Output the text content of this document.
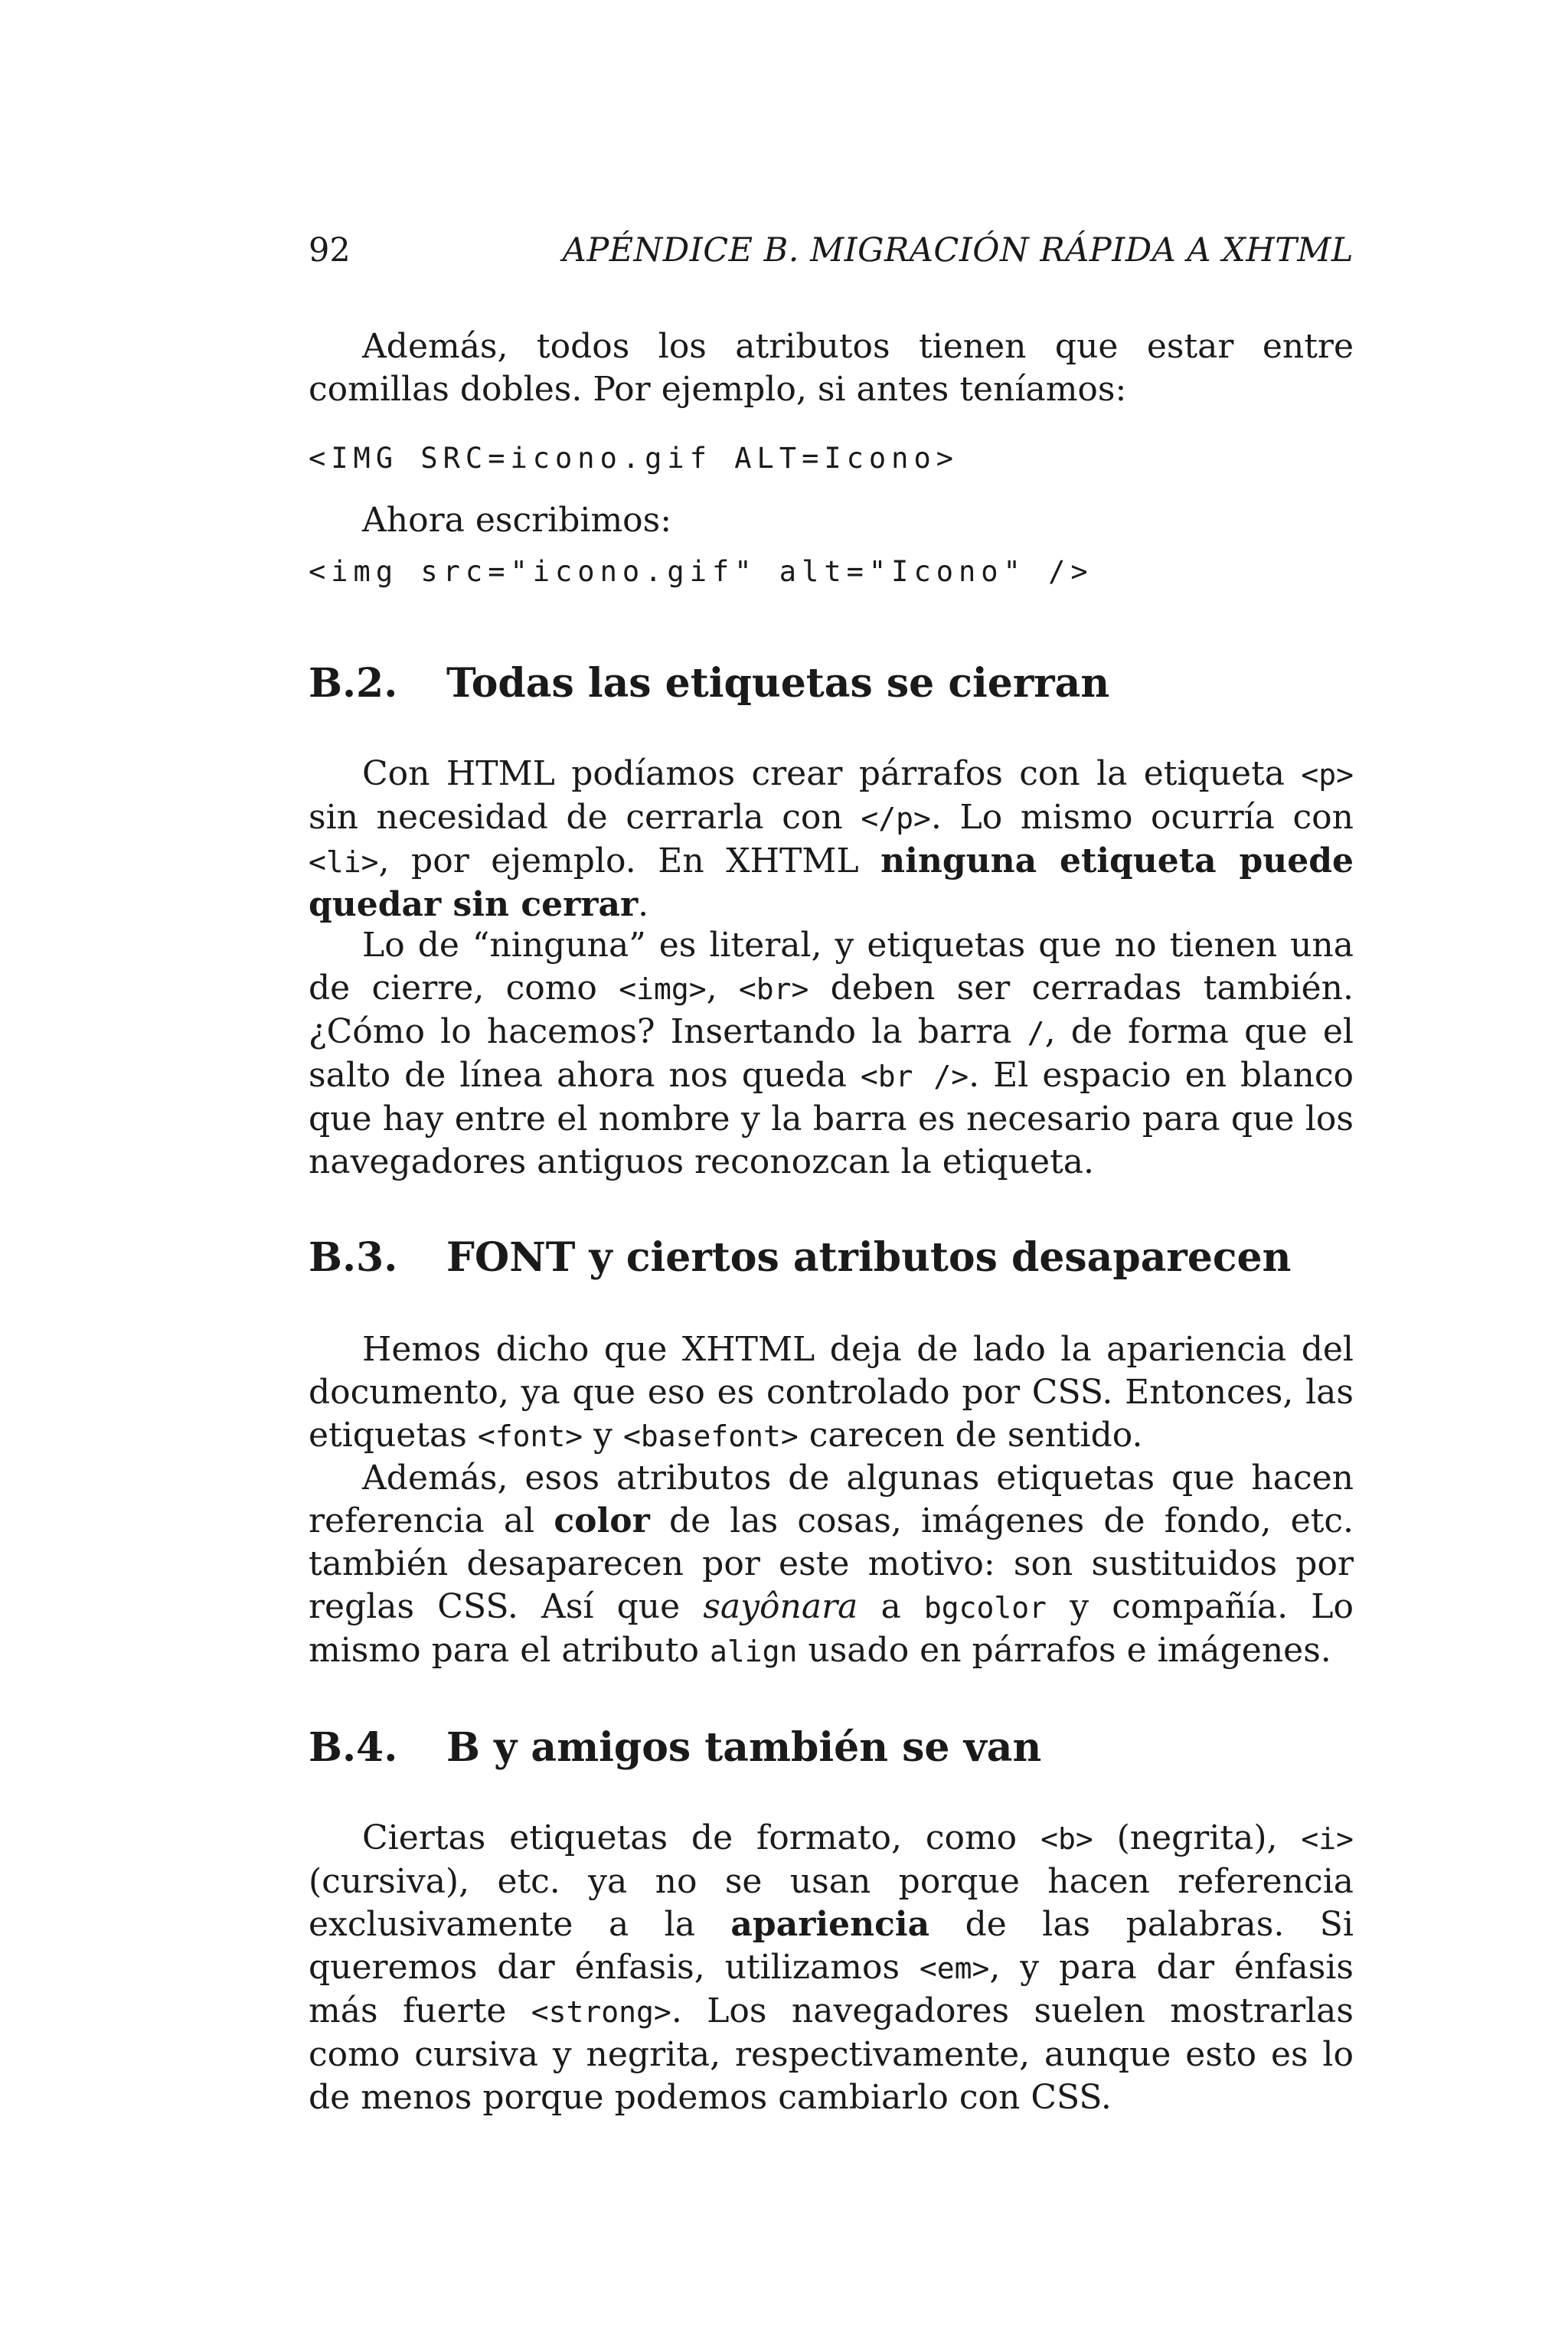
92	APÉNDICE B. MIGRACIÓN RÁPIDA A XHTML

Además, todos los atributos tienen que estar entre comillas dobles. Por ejemplo, si antes teníamos:

<IMG SRC=icono.gif ALT=Icono>

Ahora escribimos:

<img src="icono.gif" alt="Icono" />
B.2. Todas las etiquetas se cierran

Con HTML podíamos crear párrafos con la etiqueta <p> sin necesidad de cerrarla con </p>. Lo mismo ocurría con <li>, por ejemplo. En XHTML ninguna etiqueta puede quedar sin cerrar.

Lo de “ninguna” es literal, y etiquetas que no tienen una de cierre, como <img>, <br> deben ser cerradas también. ¿Cómo lo hacemos? Insertando la barra /, de forma que el salto de línea ahora nos queda <br />. El espacio en blanco que hay entre el nombre y la barra es necesario para que los navegadores antiguos reconozcan la etiqueta.

B.3. FONT y ciertos atributos desaparecen

Hemos dicho que XHTML deja de lado la apariencia del documento, ya que eso es controlado por CSS. Entonces, las etiquetas <font> y <basefont> carecen de sentido.

Además, esos atributos de algunas etiquetas que hacen referencia al color de las cosas, imágenes de fondo, etc. también desaparecen por este motivo: son sustituidos por reglas CSS. Así que sayônara a bgcolor y compañía. Lo mismo para el atributo align usado en párrafos e imágenes.

B.4. B y amigos también se van

Ciertas etiquetas de formato, como <b> (negrita), <i> (cursiva), etc. ya no se usan porque hacen referencia exclusivamente a la apariencia de las palabras. Si queremos dar énfasis, utilizamos <em>, y para dar énfasis más fuerte <strong>. Los navegadores suelen mostrarlas como cursiva y negrita, respectivamente, aunque esto es lo de menos porque podemos cambiarlo con CSS.
